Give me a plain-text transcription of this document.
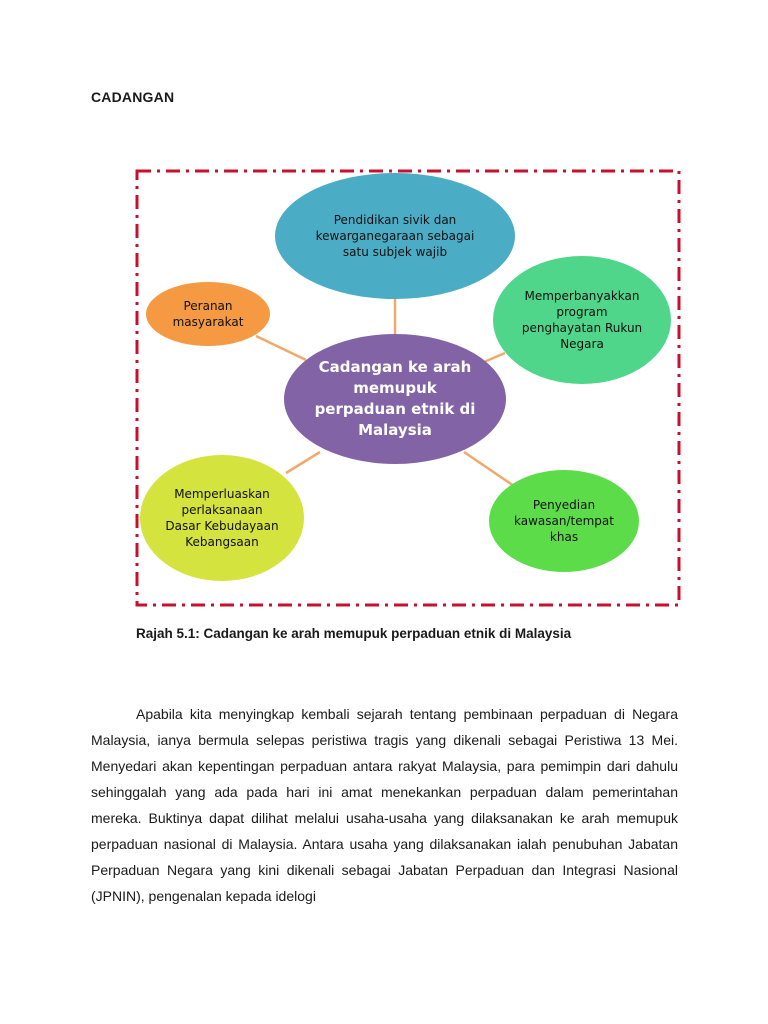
CADANGAN
Pendidikan sivik dan
kewarganegaraan sebagai
satu subjek wajib
Memperbanyakkan
program
penghayatan Rukun
Negara
Penyedian
kawasan/tempat
khas
Memperluaskan
perlaksanaan
Dasar Kebudayaan
Kebangsaan
Peranan
masyarakat
Cadangan ke arah
memupuk
perpaduan etnik di
Malaysia
Rajah 5.1: Cadangan ke arah memupuk perpaduan etnik di Malaysia
Apabila kita menyingkap kembali sejarah tentang pembinaan perpaduan di Negara Malaysia, ianya bermula selepas peristiwa tragis yang dikenali sebagai Peristiwa 13 Mei. Menyedari akan kepentingan perpaduan antara rakyat Malaysia, para pemimpin dari dahulu sehinggalah yang ada pada hari ini amat menekankan perpaduan dalam pemerintahan mereka. Buktinya dapat dilihat melalui usaha-usaha yang dilaksanakan ke arah memupuk perpaduan nasional di Malaysia. Antara usaha yang dilaksanakan ialah penubuhan Jabatan Perpaduan Negara yang kini dikenali sebagai Jabatan Perpaduan dan Integrasi Nasional (JPNIN), pengenalan kepada idelogi
